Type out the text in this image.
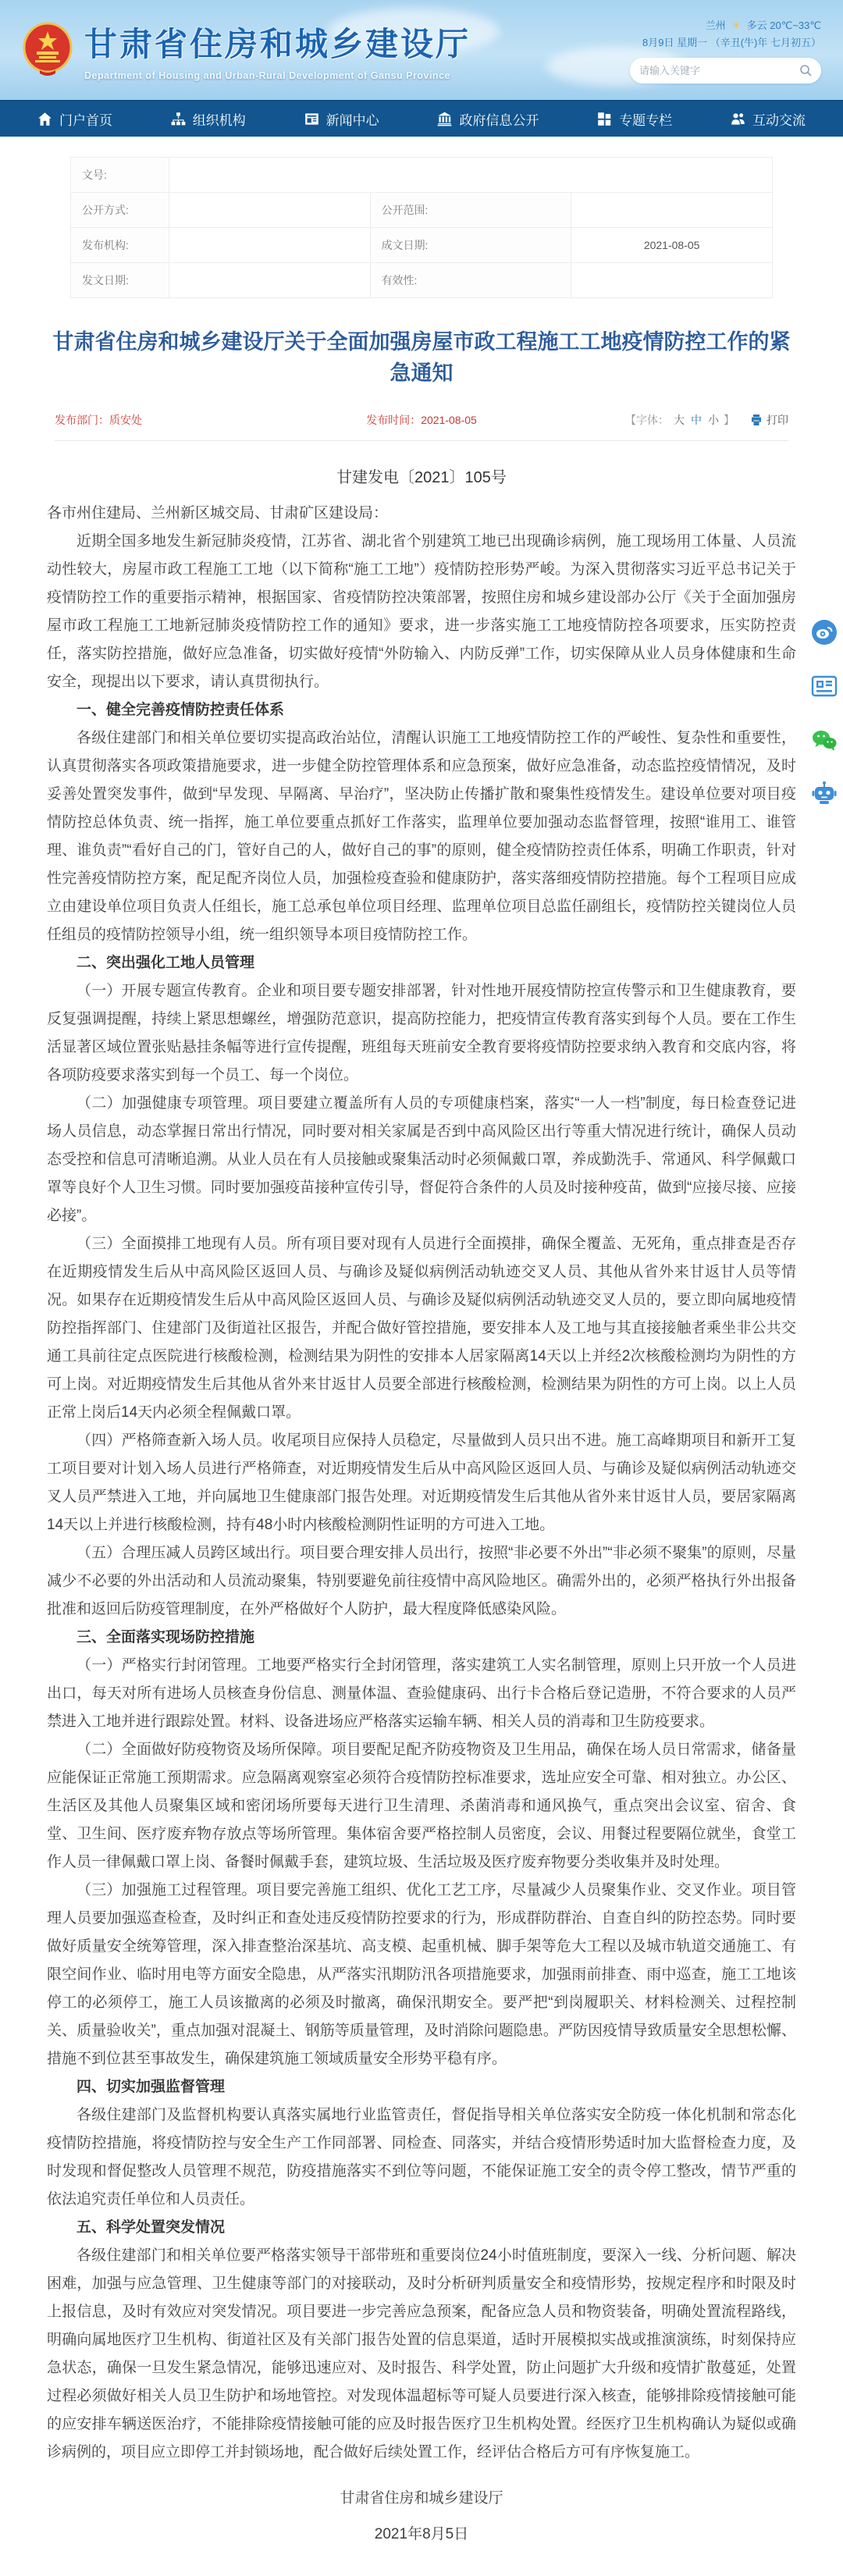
甘肃省住房和城乡建设厅
Department of Housing and Urban-Rural Development of Gansu Province
兰州 ☀ 多云 20℃~33℃
8月9日 星期一 （辛丑(牛)年 七月初五）
请输入关键字
门户首页	组织机构	新闻中心	政府信息公开	专题专栏	互动交流
文号:			
公开方式:		公开范围:	
发布机构:		成文日期:	2021-08-05
发文日期:		有效性:	
甘肃省住房和城乡建设厅关于全面加强房屋市政工程施工工地疫情防控工作的紧急通知
发布部门：质安处	发布时间：2021-08-05	【字体： 大 中 小 】	打印
甘建发电〔2021〕105号

各市州住建局、兰州新区城交局、甘肃矿区建设局：

近期全国多地发生新冠肺炎疫情，江苏省、湖北省个别建筑工地已出现确诊病例，施工现场用工体量、人员流动性较大，房屋市政工程施工工地（以下简称“施工工地”）疫情防控形势严峻。为深入贯彻落实习近平总书记关于疫情防控工作的重要指示精神，根据国家、省疫情防控决策部署，按照住房和城乡建设部办公厅《关于全面加强房屋市政工程施工工地新冠肺炎疫情防控工作的通知》要求，进一步落实施工工地疫情防控各项要求，压实防控责任，落实防控措施，做好应急准备，切实做好疫情“外防输入、内防反弹”工作，切实保障从业人员身体健康和生命安全，现提出以下要求，请认真贯彻执行。

一、健全完善疫情防控责任体系

各级住建部门和相关单位要切实提高政治站位，清醒认识施工工地疫情防控工作的严峻性、复杂性和重要性，认真贯彻落实各项政策措施要求，进一步健全防控管理体系和应急预案，做好应急准备，动态监控疫情情况，及时妥善处置突发事件，做到“早发现、早隔离、早治疗”，坚决防止传播扩散和聚集性疫情发生。建设单位要对项目疫情防控总体负责、统一指挥，施工单位要重点抓好工作落实，监理单位要加强动态监督管理，按照“谁用工、谁管理、谁负责”“看好自己的门，管好自己的人，做好自己的事”的原则，健全疫情防控责任体系，明确工作职责，针对性完善疫情防控方案，配足配齐岗位人员，加强检疫查验和健康防护，落实落细疫情防控措施。每个工程项目应成立由建设单位项目负责人任组长，施工总承包单位项目经理、监理单位项目总监任副组长，疫情防控关键岗位人员任组员的疫情防控领导小组，统一组织领导本项目疫情防控工作。

二、突出强化工地人员管理

（一）开展专题宣传教育。企业和项目要专题安排部署，针对性地开展疫情防控宣传警示和卫生健康教育，要反复强调提醒，持续上紧思想螺丝，增强防范意识，提高防控能力，把疫情宣传教育落实到每个人员。要在工作生活显著区域位置张贴悬挂条幅等进行宣传提醒，班组每天班前安全教育要将疫情防控要求纳入教育和交底内容，将各项防疫要求落实到每一个员工、每一个岗位。

（二）加强健康专项管理。项目要建立覆盖所有人员的专项健康档案，落实“一人一档”制度，每日检查登记进场人员信息，动态掌握日常出行情况，同时要对相关家属是否到中高风险区出行等重大情况进行统计，确保人员动态受控和信息可清晰追溯。从业人员在有人员接触或聚集活动时必须佩戴口罩，养成勤洗手、常通风、科学佩戴口罩等良好个人卫生习惯。同时要加强疫苗接种宣传引导，督促符合条件的人员及时接种疫苗，做到“应接尽接、应接必接”。

（三）全面摸排工地现有人员。所有项目要对现有人员进行全面摸排，确保全覆盖、无死角，重点排查是否存在近期疫情发生后从中高风险区返回人员、与确诊及疑似病例活动轨迹交叉人员、其他从省外来甘返甘人员等情况。如果存在近期疫情发生后从中高风险区返回人员、与确诊及疑似病例活动轨迹交叉人员的，要立即向属地疫情防控指挥部门、住建部门及街道社区报告，并配合做好管控措施，要安排本人及工地与其直接接触者乘坐非公共交通工具前往定点医院进行核酸检测，检测结果为阴性的安排本人居家隔离14天以上并经2次核酸检测均为阴性的方可上岗。对近期疫情发生后其他从省外来甘返甘人员要全部进行核酸检测，检测结果为阴性的方可上岗。以上人员正常上岗后14天内必须全程佩戴口罩。

（四）严格筛查新入场人员。收尾项目应保持人员稳定，尽量做到人员只出不进。施工高峰期项目和新开工复工项目要对计划入场人员进行严格筛查，对近期疫情发生后从中高风险区返回人员、与确诊及疑似病例活动轨迹交叉人员严禁进入工地，并向属地卫生健康部门报告处理。对近期疫情发生后其他从省外来甘返甘人员，要居家隔离14天以上并进行核酸检测，持有48小时内核酸检测阴性证明的方可进入工地。

（五）合理压减人员跨区域出行。项目要合理安排人员出行，按照“非必要不外出”“非必须不聚集”的原则，尽量减少不必要的外出活动和人员流动聚集，特别要避免前往疫情中高风险地区。确需外出的，必须严格执行外出报备批准和返回后防疫管理制度，在外严格做好个人防护，最大程度降低感染风险。

三、全面落实现场防控措施

（一）严格实行封闭管理。工地要严格实行全封闭管理，落实建筑工人实名制管理，原则上只开放一个人员进出口，每天对所有进场人员核查身份信息、测量体温、查验健康码、出行卡合格后登记造册，不符合要求的人员严禁进入工地并进行跟踪处置。材料、设备进场应严格落实运输车辆、相关人员的消毒和卫生防疫要求。

（二）全面做好防疫物资及场所保障。项目要配足配齐防疫物资及卫生用品，确保在场人员日常需求，储备量应能保证正常施工预期需求。应急隔离观察室必须符合疫情防控标准要求，选址应安全可靠、相对独立。办公区、生活区及其他人员聚集区域和密闭场所要每天进行卫生清理、杀菌消毒和通风换气，重点突出会议室、宿舍、食堂、卫生间、医疗废弃物存放点等场所管理。集体宿舍要严格控制人员密度，会议、用餐过程要隔位就坐，食堂工作人员一律佩戴口罩上岗、备餐时佩戴手套，建筑垃圾、生活垃圾及医疗废弃物要分类收集并及时处理。

（三）加强施工过程管理。项目要完善施工组织、优化工艺工序，尽量减少人员聚集作业、交叉作业。项目管理人员要加强巡查检查，及时纠正和查处违反疫情防控要求的行为，形成群防群治、自查自纠的防控态势。同时要做好质量安全统筹管理，深入排查整治深基坑、高支模、起重机械、脚手架等危大工程以及城市轨道交通施工、有限空间作业、临时用电等方面安全隐患，从严落实汛期防汛各项措施要求，加强雨前排查、雨中巡查，施工工地该停工的必须停工，施工人员该撤离的必须及时撤离，确保汛期安全。要严把“到岗履职关、材料检测关、过程控制关、质量验收关”，重点加强对混凝土、钢筋等质量管理，及时消除问题隐患。严防因疫情导致质量安全思想松懈、措施不到位甚至事故发生，确保建筑施工领域质量安全形势平稳有序。

四、切实加强监督管理

各级住建部门及监督机构要认真落实属地行业监管责任，督促指导相关单位落实安全防疫一体化机制和常态化疫情防控措施，将疫情防控与安全生产工作同部署、同检查、同落实，并结合疫情形势适时加大监督检查力度，及时发现和督促整改人员管理不规范，防疫措施落实不到位等问题，不能保证施工安全的责令停工整改，情节严重的依法追究责任单位和人员责任。

五、科学处置突发情况

各级住建部门和相关单位要严格落实领导干部带班和重要岗位24小时值班制度，要深入一线、分析问题、解决困难，加强与应急管理、卫生健康等部门的对接联动，及时分析研判质量安全和疫情形势，按规定程序和时限及时上报信息，及时有效应对突发情况。项目要进一步完善应急预案，配备应急人员和物资装备，明确处置流程路线，明确向属地医疗卫生机构、街道社区及有关部门报告处置的信息渠道，适时开展模拟实战或推演演练，时刻保持应急状态，确保一旦发生紧急情况，能够迅速应对、及时报告、科学处置，防止问题扩大升级和疫情扩散蔓延，处置过程必须做好相关人员卫生防护和场地管控。对发现体温超标等可疑人员要进行深入核查，能够排除疫情接触可能的应安排车辆送医治疗，不能排除疫情接触可能的应及时报告医疗卫生机构处置。经医疗卫生机构确认为疑似或确诊病例的，项目应立即停工并封锁场地，配合做好后续处置工作，经评估合格后方可有序恢复施工。

甘肃省住房和城乡建设厅
2021年8月5日
